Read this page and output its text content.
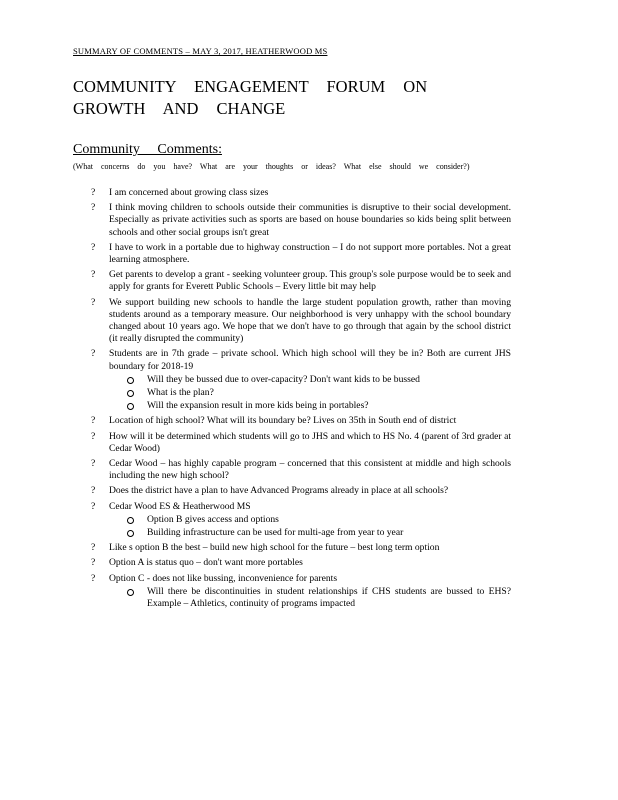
SUMMARY OF COMMENTS – MAY 3, 2017, HEATHERWOOD MS
COMMUNITY ENGAGEMENT FORUM ON
GROWTH AND CHANGE
Community Comments:
(What concerns do you have? What are your thoughts or ideas? What else should we consider?)
? I am concerned about growing class sizes
? I think moving children to schools outside their communities is disruptive to their social development. Especially as private activities such as sports are based on house boundaries so kids being split between schools and other social groups isn't great
? I have to work in a portable due to highway construction – I do not support more portables. Not a great learning atmosphere.
? Get parents to develop a grant - seeking volunteer group. This group's sole purpose would be to seek and apply for grants for Everett Public Schools – Every little bit may help
? We support building new schools to handle the large student population growth, rather than moving students around as a temporary measure. Our neighborhood is very unhappy with the school boundary changed about 10 years ago. We hope that we don't have to go through that again by the school district (it really disrupted the community)
? Students are in 7th grade – private school. Which high school will they be in? Both are current JHS boundary for 2018-19
Will they be bussed due to over-capacity? Don't want kids to be bussed
What is the plan?
Will the expansion result in more kids being in portables?
? Location of high school? What will its boundary be? Lives on 35th in South end of district
? How will it be determined which students will go to JHS and which to HS No. 4 (parent of 3rd grader at Cedar Wood)
? Cedar Wood – has highly capable program – concerned that this consistent at middle and high schools including the new high school?
? Does the district have a plan to have Advanced Programs already in place at all schools?
? Cedar Wood ES & Heatherwood MS
Option B gives access and options
Building infrastructure can be used for multi-age from year to year
? Like s option B the best – build new high school for the future – best long term option
? Option A is status quo – don't want more portables
? Option C - does not like bussing, inconvenience for parents
Will there be discontinuities in student relationships if CHS students are bussed to EHS? Example – Athletics, continuity of programs impacted
